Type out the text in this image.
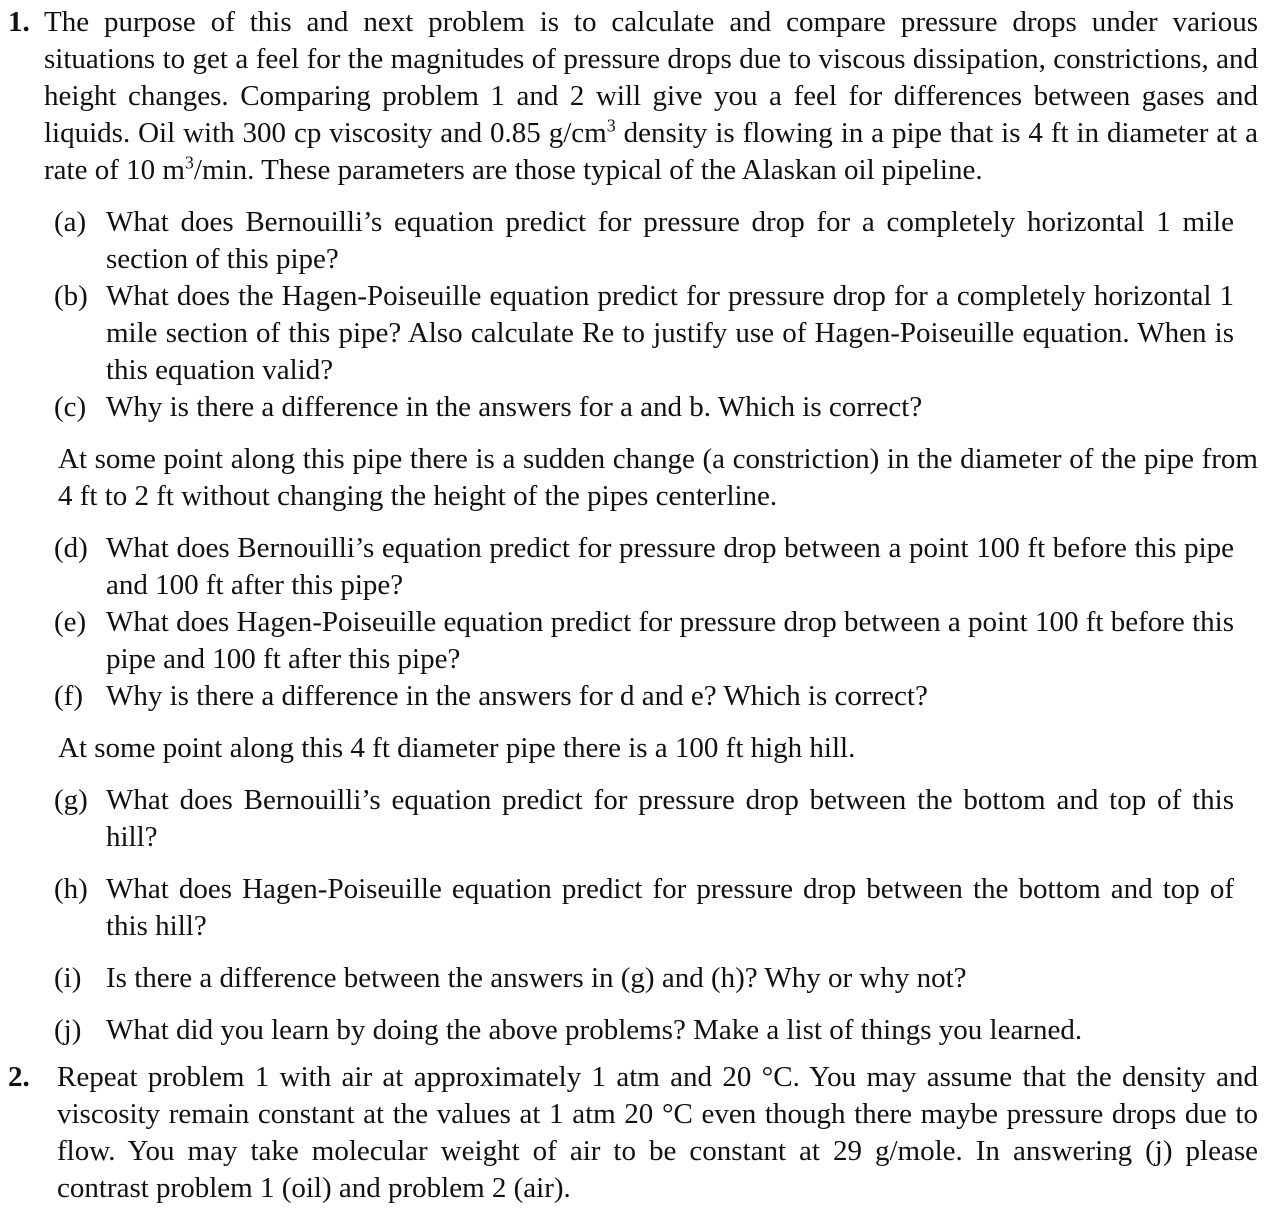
1. The purpose of this and next problem is to calculate and compare pressure drops under various situations to get a feel for the magnitudes of pressure drops due to viscous dissipation, constrictions, and height changes. Comparing problem 1 and 2 will give you a feel for differences between gases and liquids. Oil with 300 cp viscosity and 0.85 $g/cm^3$ density is flowing in a pipe that is 4 ft in diameter at a rate of 10 $m^3/\min$. These parameters are those typical of the Alaskan oil pipeline.

(a) What does Bernouilli’s equation predict for pressure drop for a completely horizontal 1 mile section of this pipe?
(b) What does the Hagen-Poiseuille equation predict for pressure drop for a completely horizontal 1 mile section of this pipe? Also calculate Re to justify use of Hagen-Poiseuille equation. When is this equation valid?
(c) Why is there a difference in the answers for a and b. Which is correct?

At some point along this pipe there is a sudden change (a constriction) in the diameter of the pipe from 4 ft to 2 ft without changing the height of the pipes centerline.

(d) What does Bernouilli’s equation predict for pressure drop between a point 100 ft before this pipe and 100 ft after this pipe?
(e) What does Hagen-Poiseuille equation predict for pressure drop between a point 100 ft before this pipe and 100 ft after this pipe?
(f) Why is there a difference in the answers for d and e? Which is correct?

At some point along this 4 ft diameter pipe there is a 100 ft high hill.

(g) What does Bernouilli’s equation predict for pressure drop between the bottom and top of this hill?
(h) What does Hagen-Poiseuille equation predict for pressure drop between the bottom and top of this hill?
(i) Is there a difference between the answers in (g) and (h)? Why or why not?
(j) What did you learn by doing the above problems? Make a list of things you learned.
2. Repeat problem 1 with air at approximately 1 atm and 20 °C. You may assume that the density and viscosity remain constant at the values at 1 atm 20 °C even though there maybe pressure drops due to flow. You may take molecular weight of air to be constant at 29 g/mole. In answering (j) please contrast problem 1 (oil) and problem 2 (air).
